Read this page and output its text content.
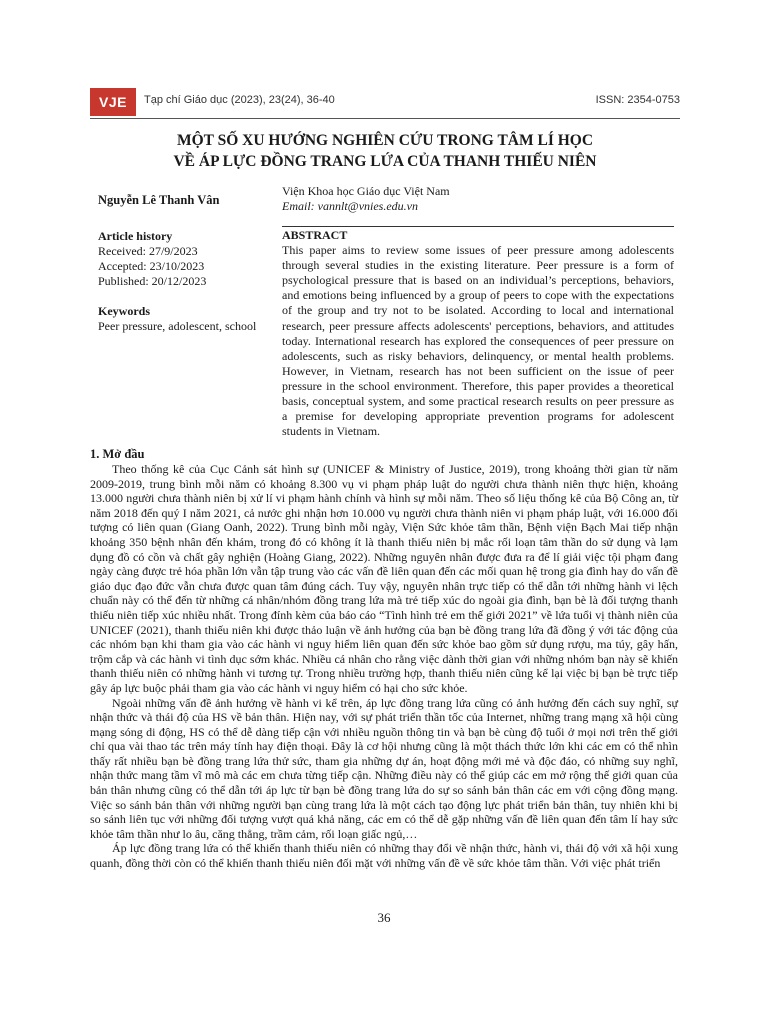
VJE	Tạp chí Giáo dục (2023), 23(24), 36-40	ISSN: 2354-0753
MỘT SỐ XU HƯỚNG NGHIÊN CỨU TRONG TÂM LÍ HỌC
VỀ ÁP LỰC ĐỒNG TRANG LỨA CỦA THANH THIẾU NIÊN
Nguyễn Lê Thanh Vân
Viện Khoa học Giáo dục Việt Nam
Email: vannlt@vnies.edu.vn
Article history
Received: 27/9/2023
Accepted: 23/10/2023
Published: 20/12/2023
Keywords
Peer pressure, adolescent, school
ABSTRACT

This paper aims to review some issues of peer pressure among adolescents through several studies in the existing literature. Peer pressure is a form of psychological pressure that is based on an individual’s perceptions, behaviors, and emotions being influenced by a group of peers to cope with the expectations of the group and try not to be isolated. According to local and international research, peer pressure affects adolescents' perceptions, behaviors, and attitudes today. International research has explored the consequences of peer pressure on adolescents, such as risky behaviors, delinquency, or mental health problems. However, in Vietnam, research has not been sufficient on the issue of peer pressure in the school environment. Therefore, this paper provides a theoretical basis, conceptual system, and some practical research results on peer pressure as a premise for developing appropriate prevention programs for adolescent students in Vietnam.

1. Mở đầu

Theo thống kê của Cục Cảnh sát hình sự (UNICEF & Ministry of Justice, 2019), trong khoảng thời gian từ năm 2009-2019, trung bình mỗi năm có khoảng 8.300 vụ vi phạm pháp luật do người chưa thành niên thực hiện, khoảng 13.000 người chưa thành niên bị xử lí vi phạm hành chính và hình sự mỗi năm. Theo số liệu thống kê của Bộ Công an, từ năm 2018 đến quý I năm 2021, cả nước ghi nhận hơn 10.000 vụ người chưa thành niên vi phạm pháp luật, với 16.000 đối tượng có liên quan (Giang Oanh, 2022). Trung bình mỗi ngày, Viện Sức khỏe tâm thần, Bệnh viện Bạch Mai tiếp nhận khoảng 350 bệnh nhân đến khám, trong đó có không ít là thanh thiếu niên bị mắc rối loạn tâm thần do sử dụng và lạm dụng đồ có cồn và chất gây nghiện (Hoàng Giang, 2022). Những nguyên nhân được đưa ra để lí giải việc tội phạm đang ngày càng được trẻ hóa phần lớn vẫn tập trung vào các vấn đề liên quan đến các mối quan hệ trong gia đình hay do vấn đề giáo dục đạo đức vẫn chưa được quan tâm đúng cách. Tuy vậy, nguyên nhân trực tiếp có thể dẫn tới những hành vi lệch chuẩn này có thể đến từ những cá nhân/nhóm đồng trang lứa mà trẻ tiếp xúc do ngoài gia đình, bạn bè là đối tượng thanh thiếu niên tiếp xúc nhiều nhất. Trong đính kèm của báo cáo “Tình hình trẻ em thế giới 2021” về lứa tuổi vị thành niên của UNICEF (2021), thanh thiếu niên khi được thảo luận về ảnh hưởng của bạn bè đồng trang lứa đã đồng ý với tác động của các nhóm bạn khi tham gia vào các hành vi nguy hiểm liên quan đến sức khỏe bao gồm sử dụng rượu, ma túy, gây hấn, trộm cắp và các hành vi tình dục sớm khác. Nhiều cá nhân cho rằng việc dành thời gian với những nhóm bạn này sẽ khiến thanh thiếu niên có những hành vi tương tự. Trong nhiều trường hợp, thanh thiếu niên cũng kể lại việc bị bạn bè trực tiếp gây áp lực buộc phải tham gia vào các hành vi nguy hiểm có hại cho sức khỏe.

Ngoài những vấn đề ảnh hưởng về hành vi kể trên, áp lực đồng trang lứa cũng có ảnh hưởng đến cách suy nghĩ, sự nhận thức và thái độ của HS về bản thân. Hiện nay, với sự phát triển thần tốc của Internet, những trang mạng xã hội cùng mạng sóng di động, HS có thể dễ dàng tiếp cận với nhiều nguồn thông tin và bạn bè cùng độ tuổi ở mọi nơi trên thế giới chỉ qua vài thao tác trên máy tính hay điện thoại. Đây là cơ hội nhưng cũng là một thách thức lớn khi các em có thể nhìn thấy rất nhiều bạn bè đồng trang lứa thử sức, tham gia những dự án, hoạt động mới mẻ và độc đáo, có những suy nghĩ, nhận thức mang tầm vĩ mô mà các em chưa từng tiếp cận. Những điều này có thể giúp các em mở rộng thế giới quan của bản thân nhưng cũng có thể dẫn tới áp lực từ bạn bè đồng trang lứa do sự so sánh bản thân các em với cộng đồng mạng. Việc so sánh bản thân với những người bạn cùng trang lứa là một cách tạo động lực phát triển bản thân, tuy nhiên khi bị so sánh liên tục với những đối tượng vượt quá khả năng, các em có thể dễ gặp những vấn đề liên quan đến tâm lí hay sức khỏe tâm thần như lo âu, căng thẳng, trầm cảm, rối loạn giấc ngủ,…

Áp lực đồng trang lứa có thể khiến thanh thiếu niên có những thay đổi về nhận thức, hành vi, thái độ với xã hội xung quanh, đồng thời còn có thể khiến thanh thiếu niên đối mặt với những vấn đề về sức khỏe tâm thần. Với việc phát triển

36
